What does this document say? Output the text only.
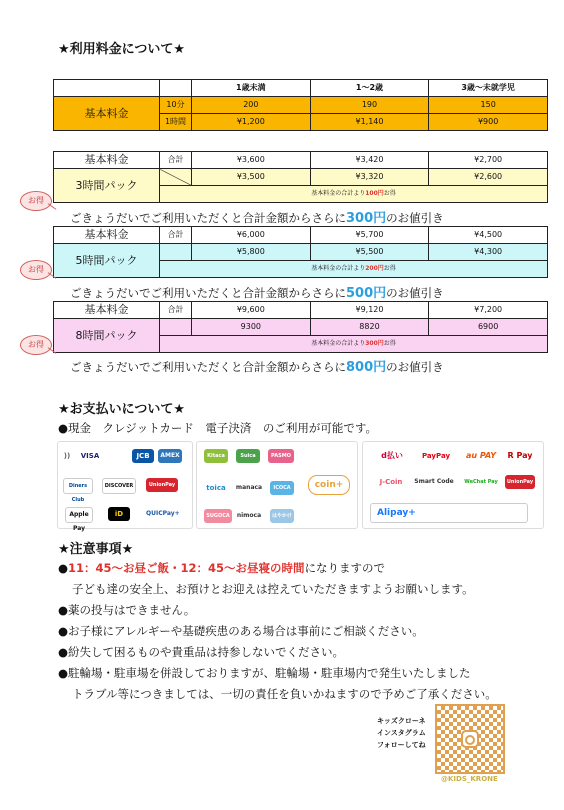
★利用料金について★
		1歳未満	1～2歳	3歳～未就学児
基本料金	10分	200	190	150
	1時間	¥1,200	¥1,140	¥900
基本料金	合計	¥3,600	¥3,420	¥2,700
3時間パック		¥3,500	¥3,320	¥2,600
	基本料金の合計より100円お得			
お得
ごきょうだいでご利用いただくと合計金額からさらに300円のお値引き
基本料金	合計	¥6,000	¥5,700	¥4,500
5時間パック		¥5,800	¥5,500	¥4,300
	基本料金の合計より200円お得			
お得
ごきょうだいでご利用いただくと合計金額からさらに500円のお値引き
基本料金	合計	¥9,600	¥9,120	¥7,200
8時間パック		9300	8820	6900
	基本料金の合計より300円お得			
お得
ごきょうだいでご利用いただくと合計金額からさらに800円のお値引き
★お支払いについて★
●現金　クレジットカード　電子決済　のご利用が可能です。
))	VISA	JCB	AMEX
Diners Club
DISCOVER	UnionPay
Apple Pay
iD	QUICPay+
Kitaca	Suica	PASMO
toica	manaca	ICOCA	coin+
SUGOCA	nimoca	はやかけん
d払い	PayPay	au PAY	R Pay
J-Coin	Smart Code	WeChat Pay	UnionPay
Alipay+
★注意事項★
●11：45～お昼ご飯・12：45～お昼寝の時間になりますので
子ども達の安全上、お預けとお迎えは控えていただきますようお願いします。
●薬の投与はできません。
●お子様にアレルギーや基礎疾患のある場合は事前にご相談ください。
●紛失して困るものや貴重品は持参しないでください。
●駐輪場・駐車場を併設しておりますが、駐輪場・駐車場内で発生いたしました
トラブル等につきましては、一切の責任を負いかねますので予めご了承ください。
キッズクローネ
インスタグラム
フォローしてね
@KIDS_KRONE
